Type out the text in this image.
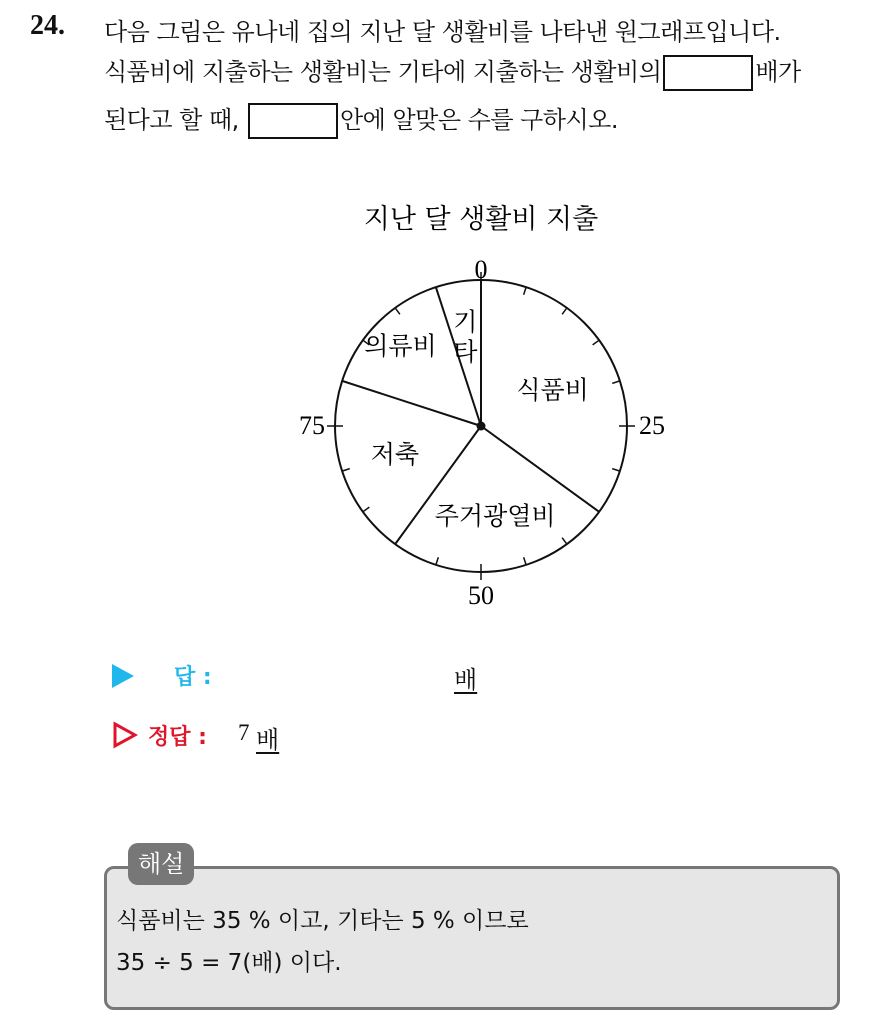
24. 다음 그림은 유나네 집의 지난 달 생활비를 나타낸 원그래프입니다.
식품비에 지출하는 생활비는 기타에 지출하는 생활비의	배가
된다고 할 때,	안에 알맞은 수를 구하시오.
지난 달 생활비 지출
0
25
50
75
식품비
주거광열비
저축
의류비
기
타
답 :	배
정답 : 7 배
해설
식품비는 35 % 이고, 기타는 5 % 이므로
35 ÷ 5 = 7(배) 이다.
